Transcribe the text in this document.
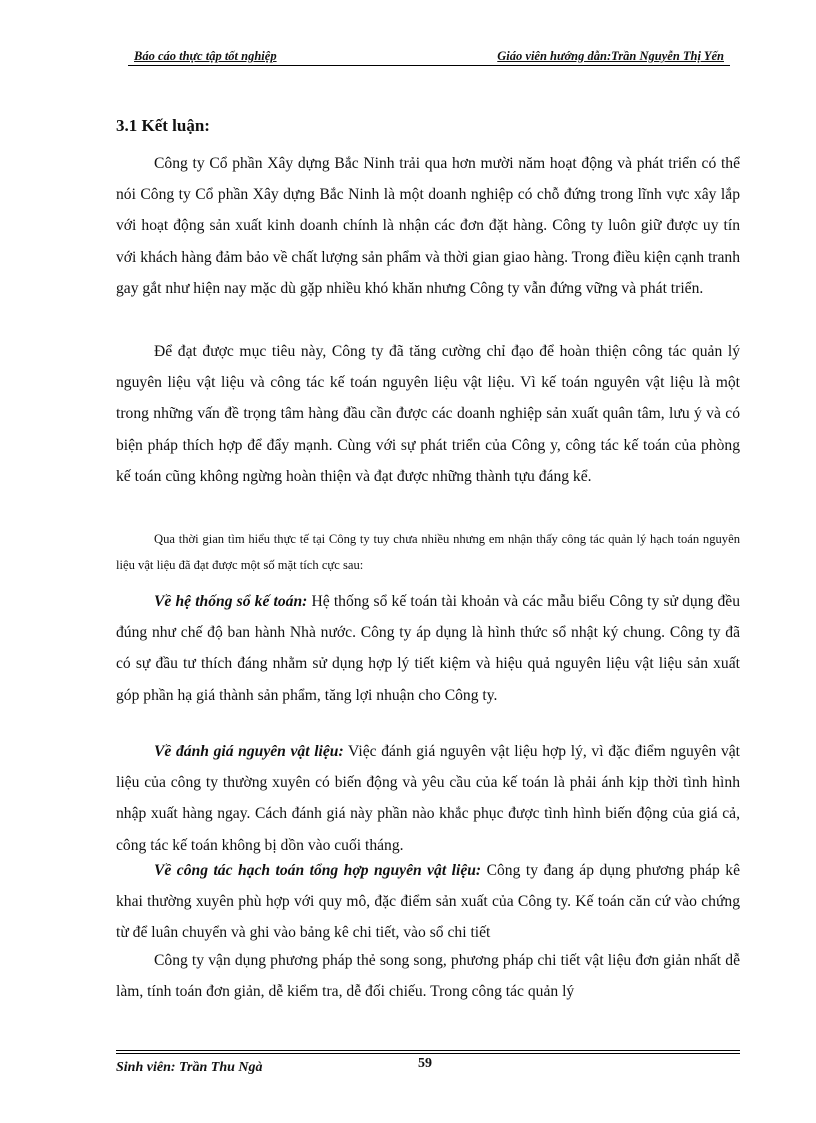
Báo cáo thực tập tốt nghiệp	Giáo viên hướng dẫn:Trần Nguyễn Thị Yến
3.1 Kết luận:

Công ty Cổ phần Xây dựng Bắc Ninh trải qua hơn mười năm hoạt động và phát triển có thể nói Công ty Cổ phần Xây dựng Bắc Ninh là một doanh nghiệp có chỗ đứng trong lĩnh vực xây lắp với hoạt động sản xuất kinh doanh chính là nhận các đơn đặt hàng. Công ty luôn giữ được uy tín với khách hàng đảm bảo về chất lượng sản phẩm và thời gian giao hàng. Trong điều kiện cạnh tranh gay gắt như hiện nay mặc dù gặp nhiều khó khăn nhưng Công ty vẫn đứng vững và phát triển.

Để đạt được mục tiêu này, Công ty đã tăng cường chỉ đạo để hoàn thiện công tác quản lý nguyên liệu vật liệu và công tác kế toán nguyên liệu vật liệu. Vì kế toán nguyên vật liệu là một trong những vấn đề trọng tâm hàng đầu cần được các doanh nghiệp sản xuất quân tâm, lưu ý và có biện pháp thích hợp để đẩy mạnh. Cùng với sự phát triển của Công y, công tác kế toán của phòng kế toán cũng không ngừng hoàn thiện và đạt được những thành tựu đáng kể.

Qua thời gian tìm hiểu thực tế tại Công ty tuy chưa nhiều nhưng em nhận thấy công tác quản lý hạch toán nguyên liệu vật liệu đã đạt được một số mặt tích cực sau:

Về hệ thống sổ kế toán: Hệ thống sổ kế toán tài khoản và các mẫu biểu Công ty sử dụng đều đúng như chế độ ban hành Nhà nước. Công ty áp dụng là hình thức sổ nhật ký chung. Công ty đã có sự đầu tư thích đáng nhằm sử dụng hợp lý tiết kiệm và hiệu quả nguyên liệu vật liệu sản xuất góp phần hạ giá thành sản phẩm, tăng lợi nhuận cho Công ty.

Về đánh giá nguyên vật liệu: Việc đánh giá nguyên vật liệu hợp lý, vì đặc điểm nguyên vật liệu của công ty thường xuyên có biến động và yêu cầu của kế toán là phải ánh kịp thời tình hình nhập xuất hàng ngay. Cách đánh giá này phần nào khắc phục được tình hình biến động của giá cả, công tác kế toán không bị dồn vào cuối tháng.

Về công tác hạch toán tổng hợp nguyên vật liệu: Công ty đang áp dụng phương pháp kê khai thường xuyên phù hợp với quy mô, đặc điểm sản xuất của Công ty. Kế toán căn cứ vào chứng từ để luân chuyển và ghi vào bảng kê chi tiết, vào sổ chi tiết

Công ty vận dụng phương pháp thẻ song song, phương pháp chi tiết vật liệu đơn giản nhất dễ làm, tính toán đơn giản, dễ kiểm tra, dễ đối chiếu. Trong công tác quản lý

Sinh viên: Trần Thu Ngà	59
